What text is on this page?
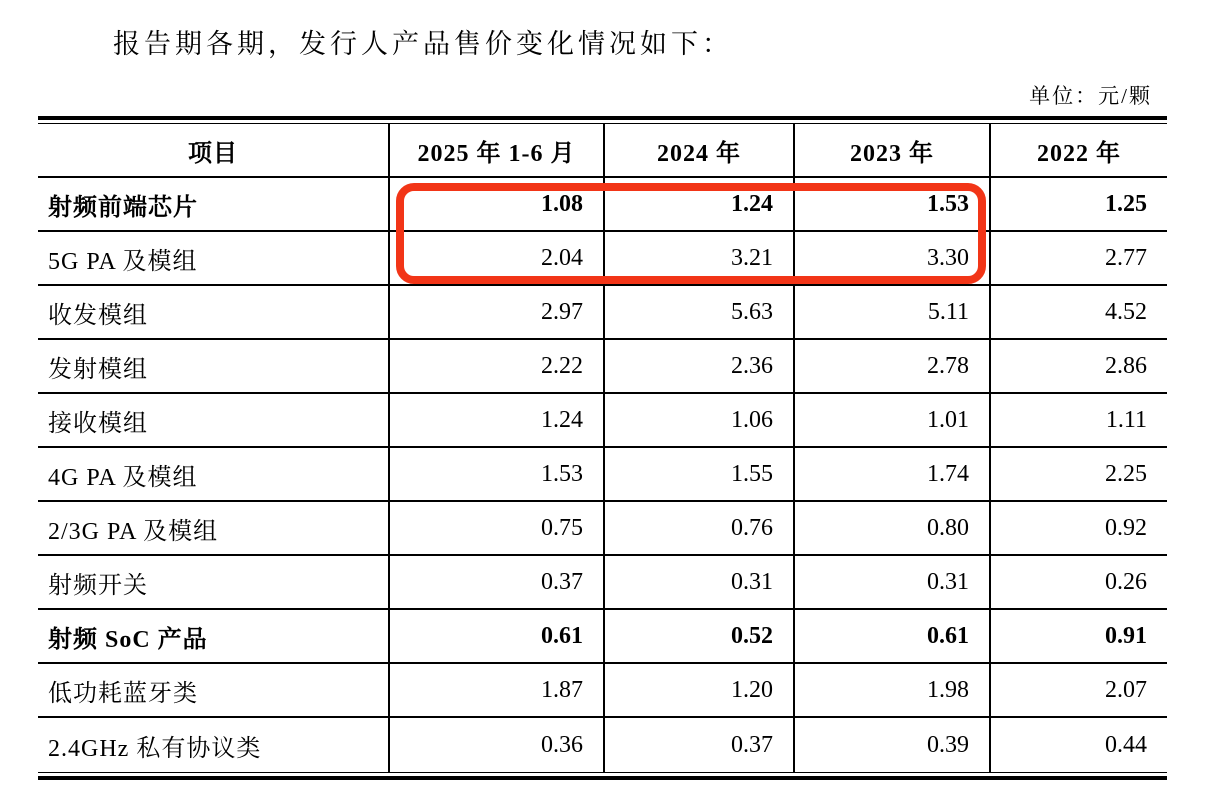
报告期各期，发行人产品售价变化情况如下：
单位：元/颗
项目	2025 年 1-6 月	2024 年	2023 年	2022 年
射频前端芯片	1.08	1.24	1.53	1.25
5G PA 及模组	2.04	3.21	3.30	2.77
收发模组	2.97	5.63	5.11	4.52
发射模组	2.22	2.36	2.78	2.86
接收模组	1.24	1.06	1.01	1.11
4G PA 及模组	1.53	1.55	1.74	2.25
2/3G PA 及模组	0.75	0.76	0.80	0.92
射频开关	0.37	0.31	0.31	0.26
射频 SoC 产品	0.61	0.52	0.61	0.91
低功耗蓝牙类	1.87	1.20	1.98	2.07
2.4GHz 私有协议类	0.36	0.37	0.39	0.44
